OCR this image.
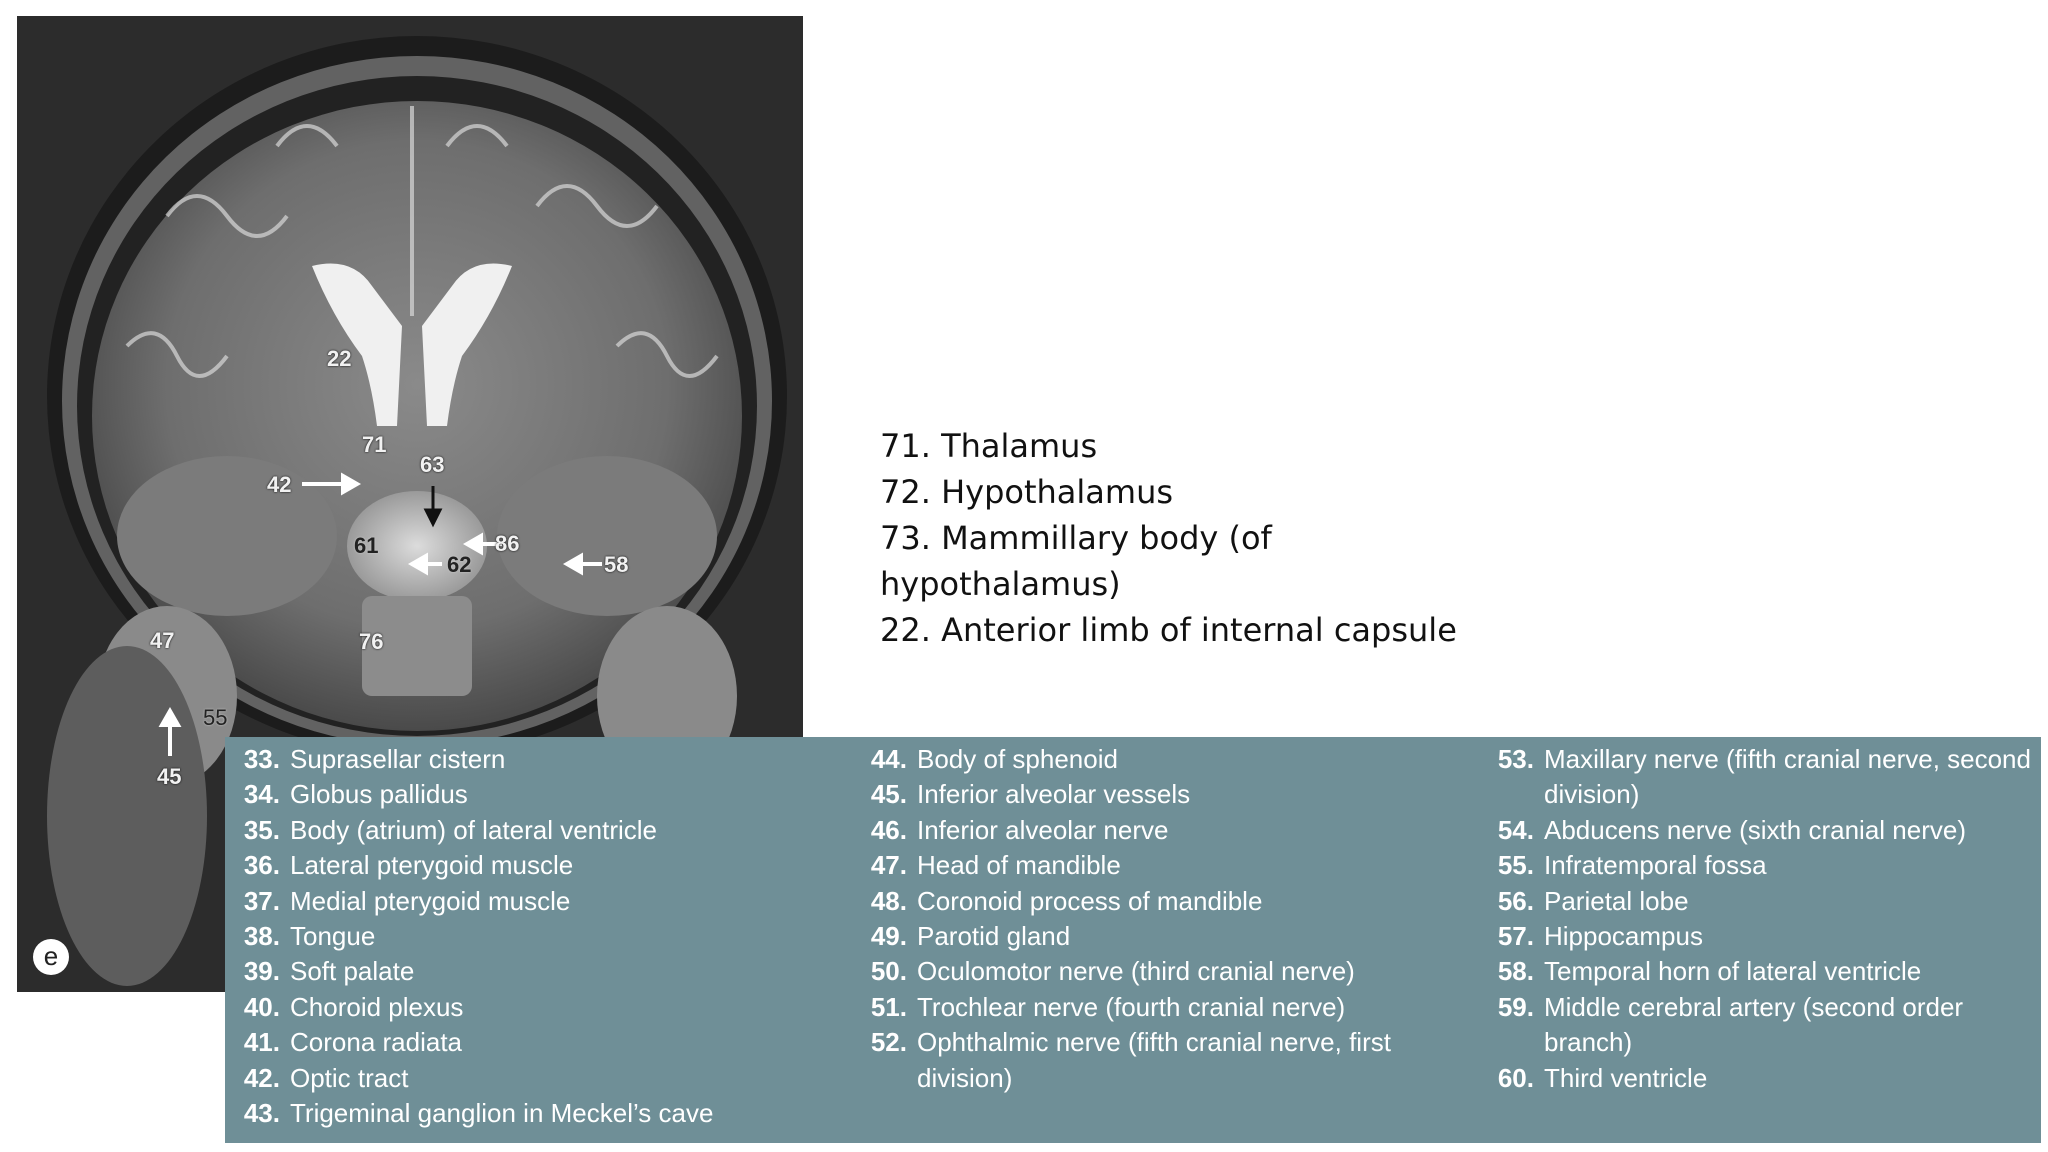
22
71
63
42
61	86
62	58
47	76
55
45
e
71. Thalamus
72. Hypothalamus
73. Mammillary body (of hypothalamus)
22. Anterior limb of internal capsule
33. Suprasellar cistern
34. Globus pallidus
35. Body (atrium) of lateral ventricle
36. Lateral pterygoid muscle
37. Medial pterygoid muscle
38. Tongue
39. Soft palate
40. Choroid plexus
41. Corona radiata
42. Optic tract
43. Trigeminal ganglion in Meckel’s cave
44. Body of sphenoid
45. Inferior alveolar vessels
46. Inferior alveolar nerve
47. Head of mandible
48. Coronoid process of mandible
49. Parotid gland
50. Oculomotor nerve (third cranial nerve)
51. Trochlear nerve (fourth cranial nerve)
52. Ophthalmic nerve (fifth cranial nerve, first division)
53. Maxillary nerve (fifth cranial nerve, second division)
54. Abducens nerve (sixth cranial nerve)
55. Infratemporal fossa
56. Parietal lobe
57. Hippocampus
58. Temporal horn of lateral ventricle
59. Middle cerebral artery (second order branch)
60. Third ventricle
